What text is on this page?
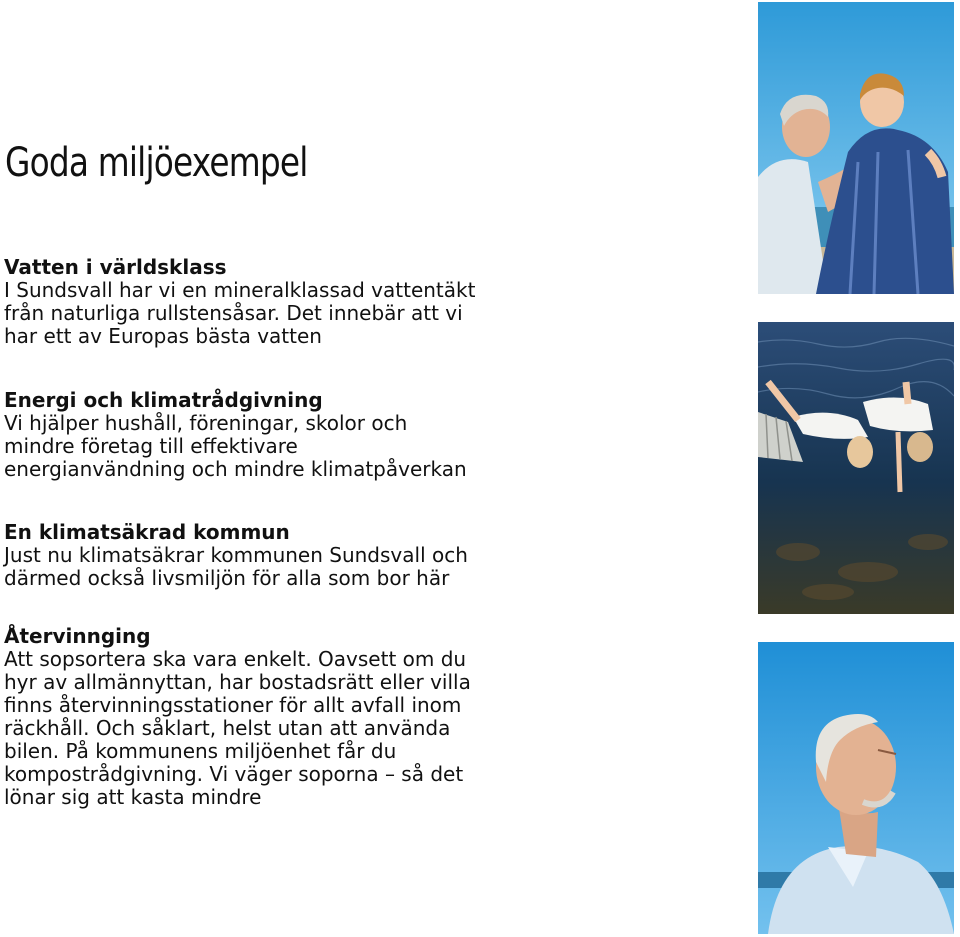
Goda miljöexempel
Vatten i världsklass

I Sundsvall har vi en mineralklassad vattentäkt
från naturliga rullstensåsar. Det innebär att vi
har ett av Europas bästa vatten

Energi och klimatrådgivning

Vi hjälper hushåll, föreningar, skolor och
mindre företag till effektivare
energianvändning och mindre klimatpåverkan

En klimatsäkrad kommun

Just nu klimatsäkrar kommunen Sundsvall och
därmed också livsmiljön för alla som bor här

Återvinnging

Att sopsortera ska vara enkelt. Oavsett om du
hyr av allmännyttan, har bostadsrätt eller villa
finns återvinningsstationer för allt avfall inom
räckhåll. Och såklart, helst utan att använda
bilen. På kommunens miljöenhet får du
kompostrådgivning. Vi väger soporna – så det
lönar sig att kasta mindre
